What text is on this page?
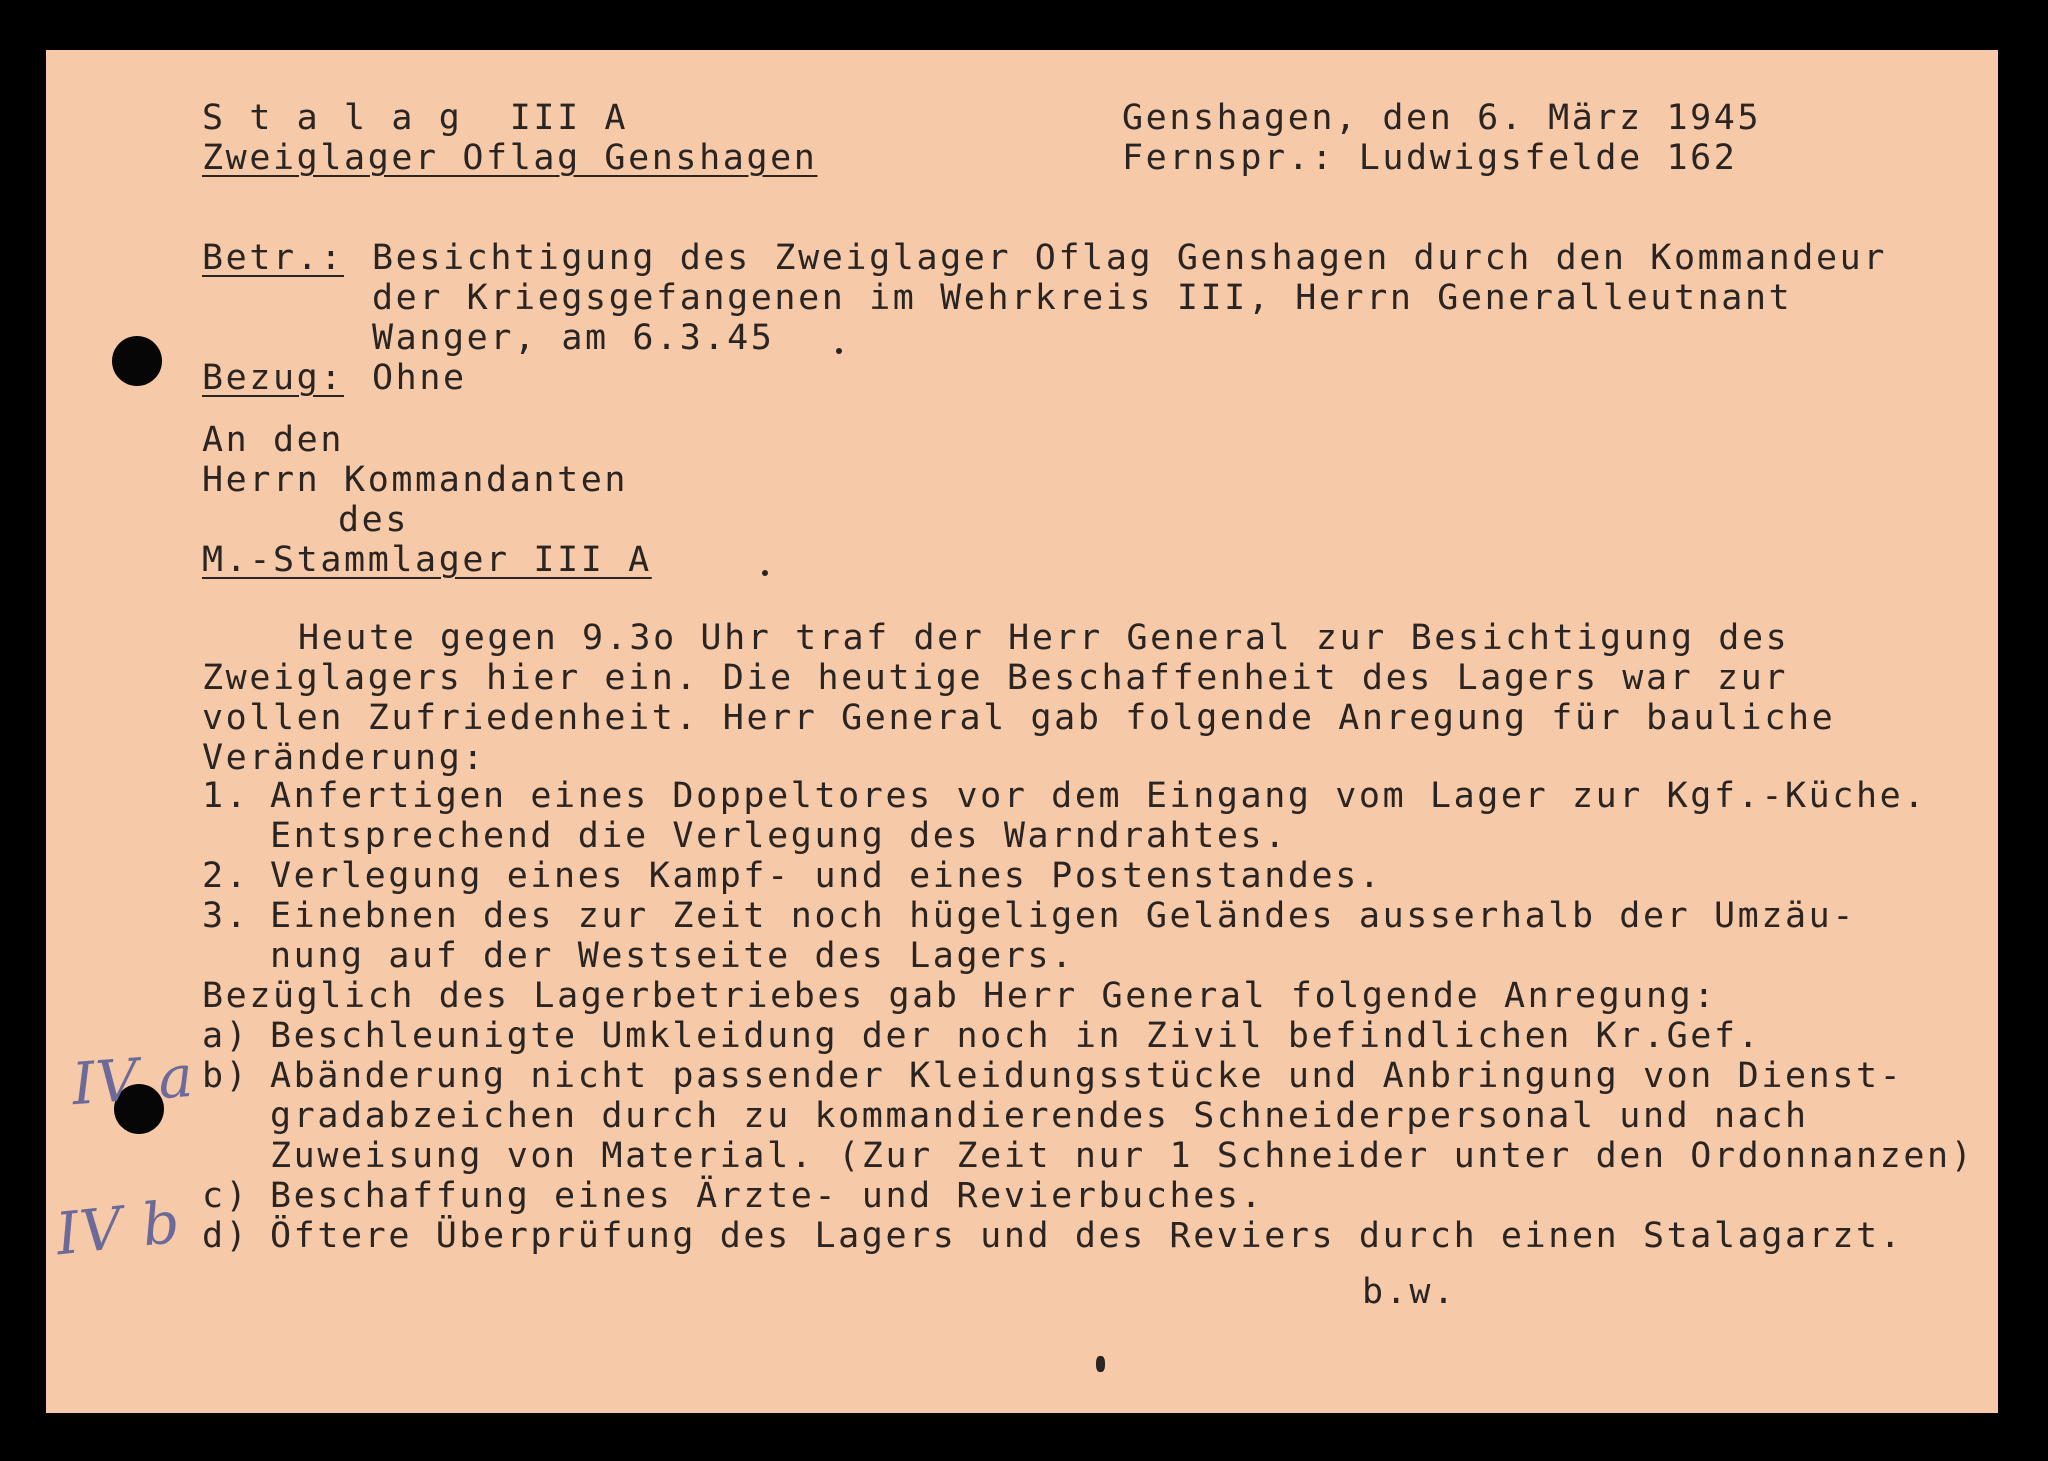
S t a l a g  III A
Zweiglager Oflag Genshagen
Genshagen, den 6. März 1945
Fernspr.: Ludwigsfelde 162
Betr.: Besichtigung des Zweiglager Oflag Genshagen durch den Kommandeur
der Kriegsgefangenen im Wehrkreis III, Herrn Generalleutnant
Wanger, am 6.3.45
Bezug: Ohne
An den
Herrn Kommandanten
des
M.-Stammlager III A
Heute gegen 9.3o Uhr traf der Herr General zur Besichtigung des
Zweiglagers hier ein. Die heutige Beschaffenheit des Lagers war zur
vollen Zufriedenheit. Herr General gab folgende Anregung für bauliche
Veränderung:
1. Anfertigen eines Doppeltores vor dem Eingang vom Lager zur Kgf.-Küche.
Entsprechend die Verlegung des Warndrahtes.
2. Verlegung eines Kampf- und eines Postenstandes.
3. Einebnen des zur Zeit noch hügeligen Geländes ausserhalb der Umzäu-
nung auf der Westseite des Lagers.
Bezüglich des Lagerbetriebes gab Herr General folgende Anregung:
a) Beschleunigte Umkleidung der noch in Zivil befindlichen Kr.Gef.
b) Abänderung nicht passender Kleidungsstücke und Anbringung von Dienst-
gradabzeichen durch zu kommandierendes Schneiderpersonal und nach
Zuweisung von Material. (Zur Zeit nur 1 Schneider unter den Ordonnanzen)
c) Beschaffung eines Ärzte- und Revierbuches.
d) Öftere Überprüfung des Lagers und des Reviers durch einen Stalagarzt.
b.w.
IV a
IV b
